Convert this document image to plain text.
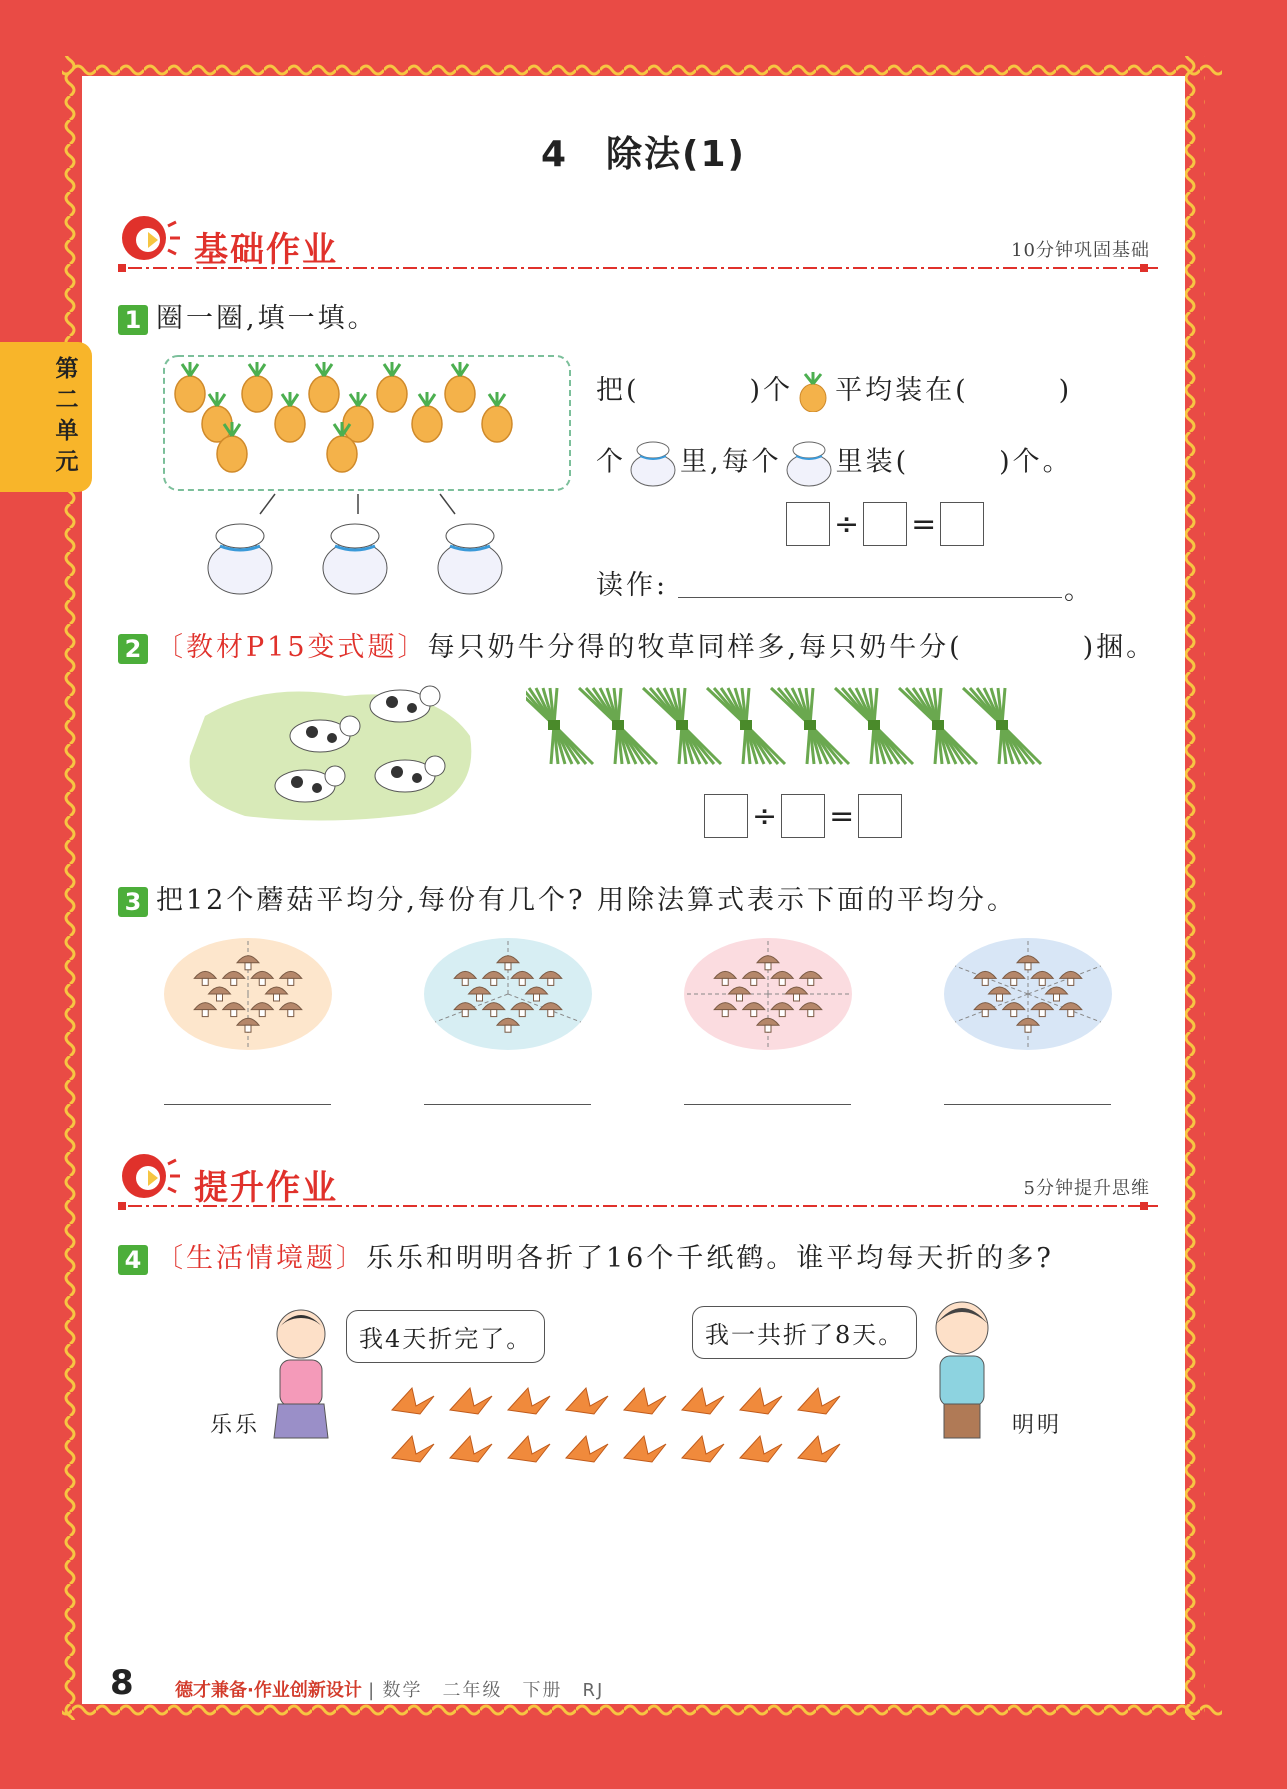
第二单元
4　除法(1)
基础作业	10分钟巩固基础
1 圈一圈,填一填。
把(	)个 平均装在(	)
个 里,每个 里装(	)个。
÷ =
读作:	。
2 〔教材P15变式题〕每只奶牛分得的牧草同样多,每只奶牛分(　　　　)捆。
÷ =
3 把12个蘑菇平均分,每份有几个? 用除法算式表示下面的平均分。
提升作业	5分钟提升思维
4 〔生活情境题〕乐乐和明明各折了16个千纸鹤。谁平均每天折的多?
我4天折完了。
乐乐
我一共折了8天。
明明
8 德才兼备·作业创新设计 | 数学　二年级　下册　RJ
